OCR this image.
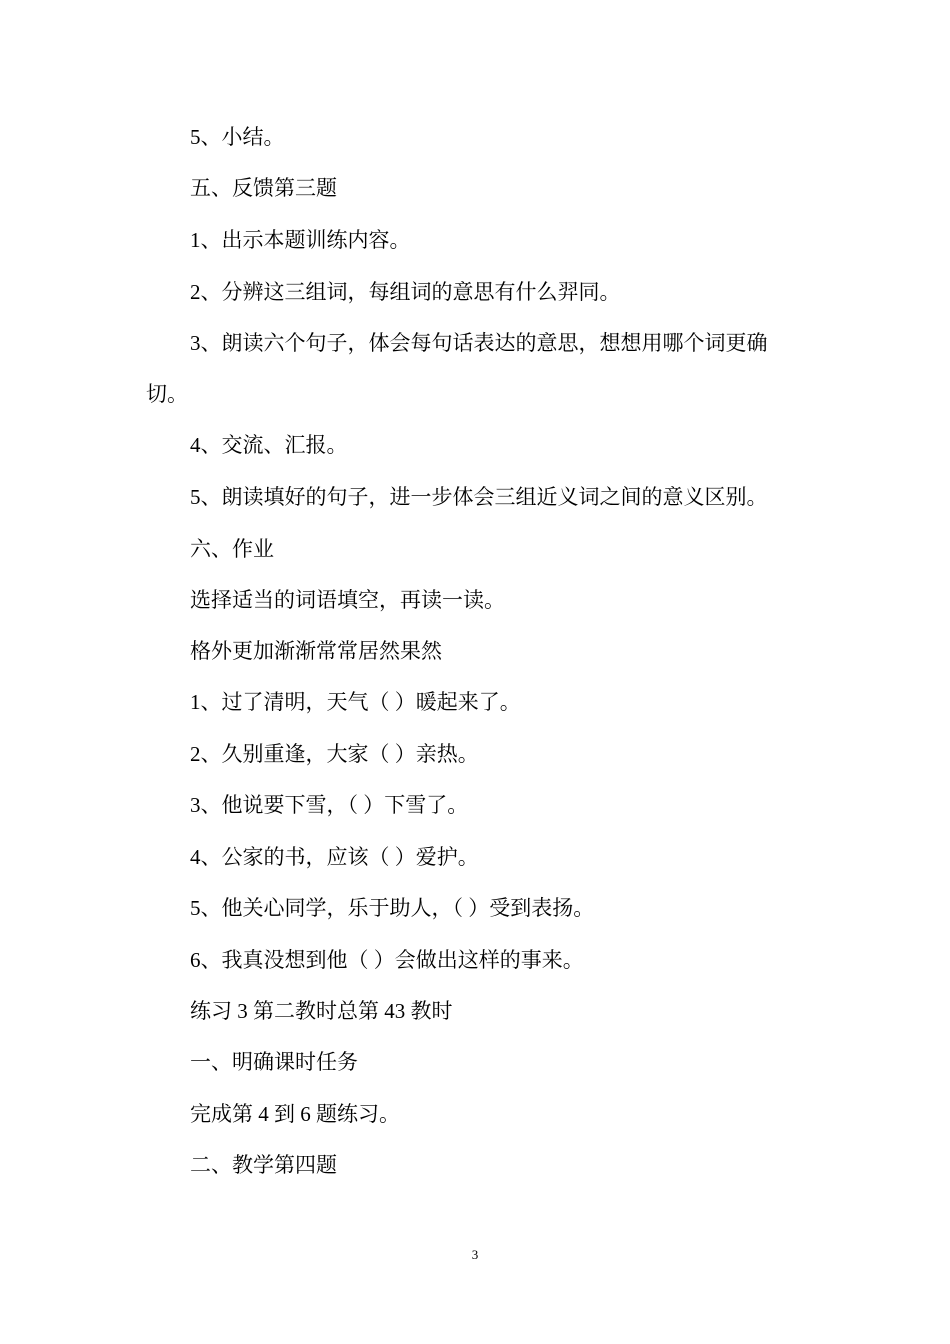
5、小结。

五、反馈第三题

1、出示本题训练内容。

2、分辨这三组词，每组词的意思有什么羿同。

3、朗读六个句子，体会每句话表达的意思，想想用哪个词更确

切。

4、交流、汇报。

5、朗读填好的句子，进一步体会三组近义词之间的意义区别。

六、作业

选择适当的词语填空，再读一读。

格外更加渐渐常常居然果然

1、过了清明，天气（ ）暖起来了。

2、久别重逢，大家（ ）亲热。

3、他说要下雪，（ ）下雪了。

4、公家的书，应该（ ）爱护。

5、他关心同学，乐于助人，（ ）受到表扬。

6、我真没想到他（ ）会做出这样的事来。

练习 3 第二教时总第 43 教时

一、明确课时任务

完成第 4 到 6 题练习。

二、教学第四题

3
